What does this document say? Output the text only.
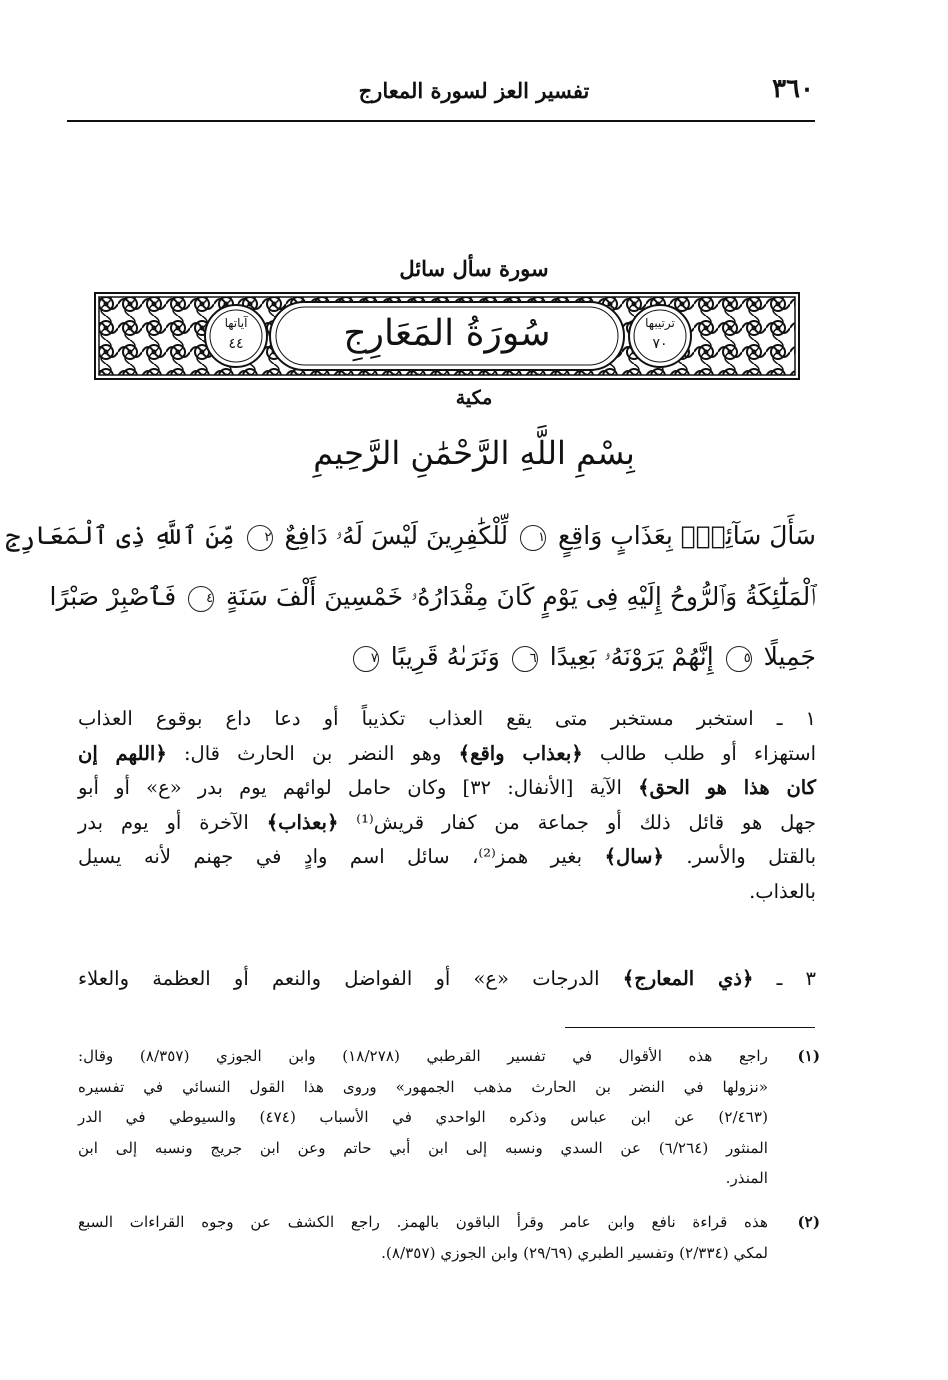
٣٦٠
تفسير العز لسورة المعارج
سورة سأل سائل
سُورَةُ المَعَارِجِ	ترتيبها
٧٠
آياتها
٤٤
مكية
بِسْمِ اللَّهِ الرَّحْمَٰنِ الرَّحِيمِ
سَأَلَ سَآئِلُۢ بِعَذَابٍ وَاقِعٍ ١ لِّلْكَٰفِرِينَ لَيْسَ لَهُۥ دَافِعٌ ٢ مِّنَ ٱللَّهِ ذِى ٱلْمَعَارِجِ
ٱلْمَلَٰٓئِكَةُ وَٱلرُّوحُ إِلَيْهِ فِى يَوْمٍ كَانَ مِقْدَارُهُۥ خَمْسِينَ أَلْفَ سَنَةٍ ٤ فَٱصْبِرْ صَبْرًا
جَمِيلًا ٥ إِنَّهُمْ يَرَوْنَهُۥ بَعِيدًا ٦ وَنَرَىٰهُ قَرِيبًا ٧
١ ـ استخبر مستخبر متى يقع العذاب تكذيباً أو دعا داع بوقوع العذاب
استهزاء أو طلب طالب ﴿بعذاب واقع﴾ وهو النضر بن الحارث قال: ﴿اللهم إن
كان هذا هو الحق﴾ الآية [الأنفال: ٣٢] وكان حامل لوائهم يوم بدر «ع» أو أبو
جهل هو قائل ذلك أو جماعة من كفار قريش⁽¹⁾ ﴿بعذاب﴾ الآخرة أو يوم بدر
بالقتل والأسر. ﴿سال﴾ بغير همز⁽²⁾، سائل اسم وادٍ في جهنم لأنه يسيل
بالعذاب.
٣ ـ ﴿ذي المعارج﴾ الدرجات «ع» أو الفواضل والنعم أو العظمة والعلاء
(١)
راجع هذه الأقوال في تفسير القرطبي (١٨/٢٧٨) وابن الجوزي (٨/٣٥٧) وقال:
«نزولها في النضر بن الحارث مذهب الجمهور» وروى هذا القول النسائي في تفسيره
(٢/٤٦٣) عن ابن عباس وذكره الواحدي في الأسباب (٤٧٤) والسيوطي في الدر
المنثور (٦/٢٦٤) عن السدي ونسبه إلى ابن أبي حاتم وعن ابن جريج ونسبه إلى ابن
المنذر.
(٢)
هذه قراءة نافع وابن عامر وقرأ الباقون بالهمز. راجع الكشف عن وجوه القراءات السبع
لمكي (٢/٣٣٤) وتفسير الطبري (٢٩/٦٩) وابن الجوزي (٨/٣٥٧).
